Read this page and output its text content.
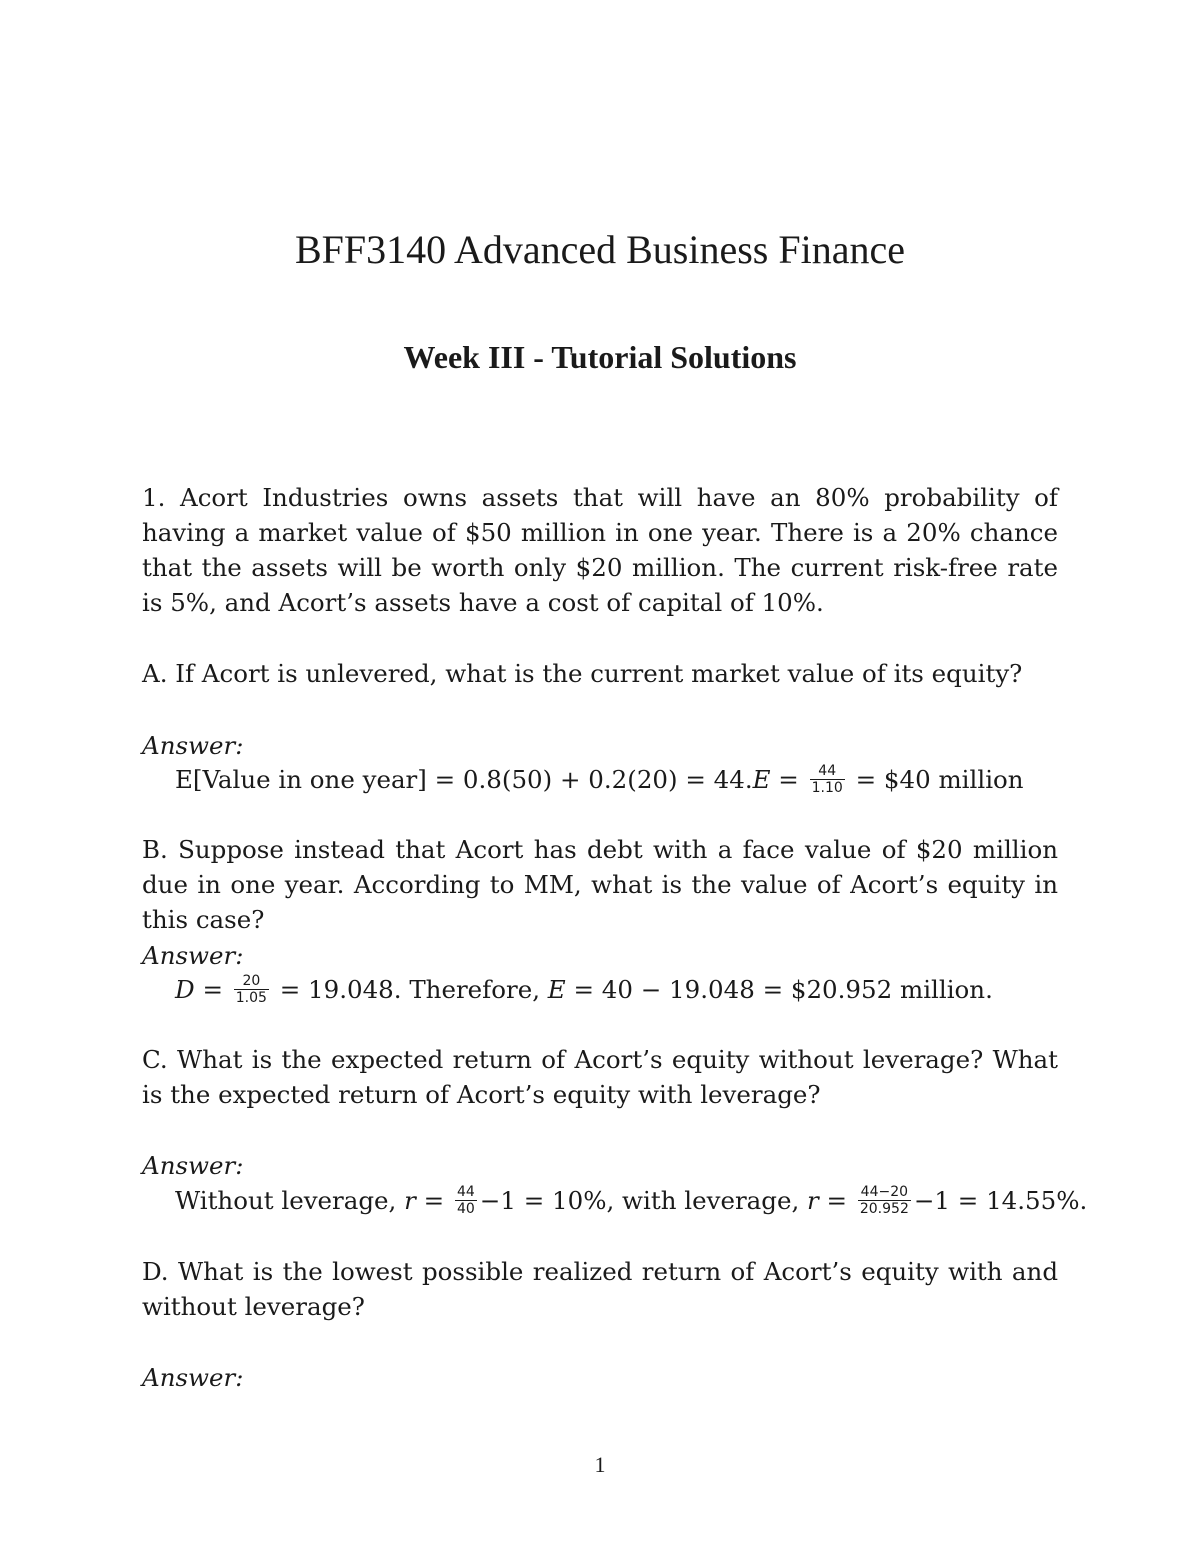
BFF3140 Advanced Business Finance
Week III - Tutorial Solutions
1. Acort Industries owns assets that will have an 80% probability of having a market value of $50 million in one year. There is a 20% chance that the assets will be worth only $20 million. The current risk-free rate is 5%, and Acort’s assets have a cost of capital of 10%.
A. If Acort is unlevered, what is the current market value of its equity?
Answer:
E[Value in one year] = $0.8(50) + 0.2(20) = 44.E = \frac{44}{1.10}$ = $40 million
B. Suppose instead that Acort has debt with a face value of $20 million due in one year. According to MM, what is the value of Acort’s equity in this case?
Answer:
$D = \frac{20}{1.05} = 19.048$. Therefore, E = 40 − 19.048 = $20.952 million.
C. What is the expected return of Acort’s equity without leverage? What is the expected return of Acort’s equity with leverage?
Answer:
Without leverage, $r = \frac{44}{40} -1 = 10\%$, with leverage, $r = \frac{44-20}{20.952} -1 = 14.55\%$.
D. What is the lowest possible realized return of Acort’s equity with and without leverage?
Answer:
1
